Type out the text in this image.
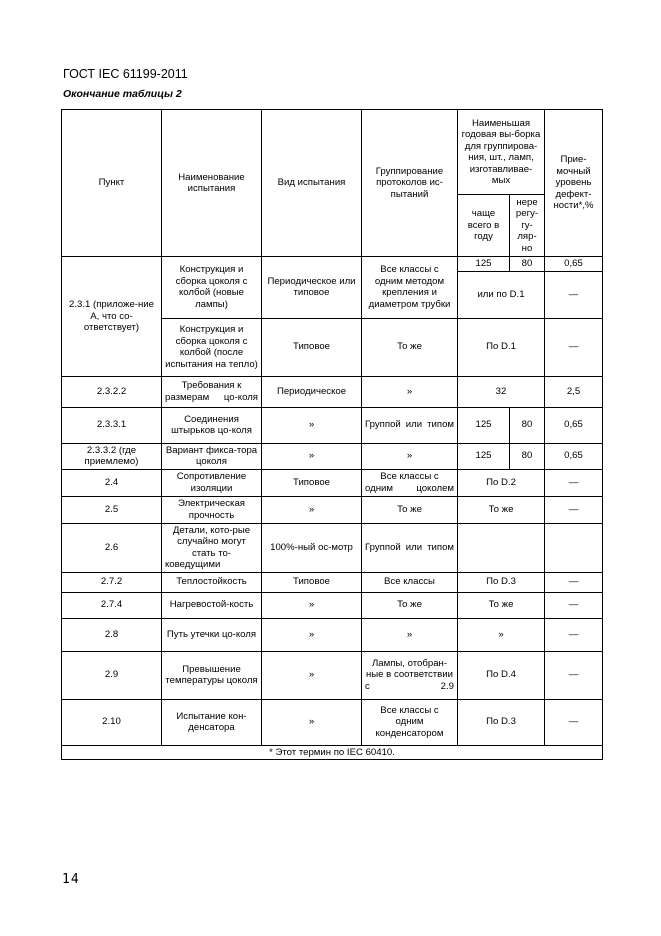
ГОСТ IEC 61199-2011
Окончание таблицы 2
Пункт	Наименование испытания	Вид испытания	Группирование протоколов ис-пытаний	Наименьшая годовая вы-борка для группирова-ния, шт., ламп, изготавливае-мых		Прие-мочный уровень дефект-ности*,%
				чаще всего в году	нере регу-гу-ляр-но	
2.3.1 (приложе-ние А, что со-ответствует)	Конструкция и сборка цоколя с колбой (новые лампы)	Периодическое или типовое	Все классы с одним методом крепления и диаметром трубки	125	80	0,65
				или по D.1		—
	Конструкция и сборка цоколя с колбой (после испытания на тепло)	Типовое	То же	По D.1		—
2.3.2.2	Требования к размерам цо-коля	Периодическое	»	32		2,5
2.3.3.1	Соединения штырьков цо-коля	»	Группой или типом	125	80	0,65
2.3.3.2 (где приемлемо)	Вариант фикса-тора цоколя	»	»	125	80	0,65
2.4	Сопротивление изоляции	Типовое	Все классы с одним цоколем	По D.2		—
2.5	Электрическая прочность	»	То же	То же		—
2.6	Детали, кото-рые случайно могут стать то-коведущими	100%-ный ос-мотр	Группой или типом			
2.7.2	Теплостойкость	Типовое	Все классы	По D.3		—
2.7.4	Нагревостой-кость	»	То же	То же		—
2.8	Путь утечки цо-коля	»	»	»		—
2.9	Превышение температуры цоколя	»	Лампы, отобран-ные в соответствии с 2.9	По D.4		—
2.10	Испытание кон-денсатора	»	Все классы с одним конденсатором	По D.3		—
* Этот термин по IEC 60410.						
14
